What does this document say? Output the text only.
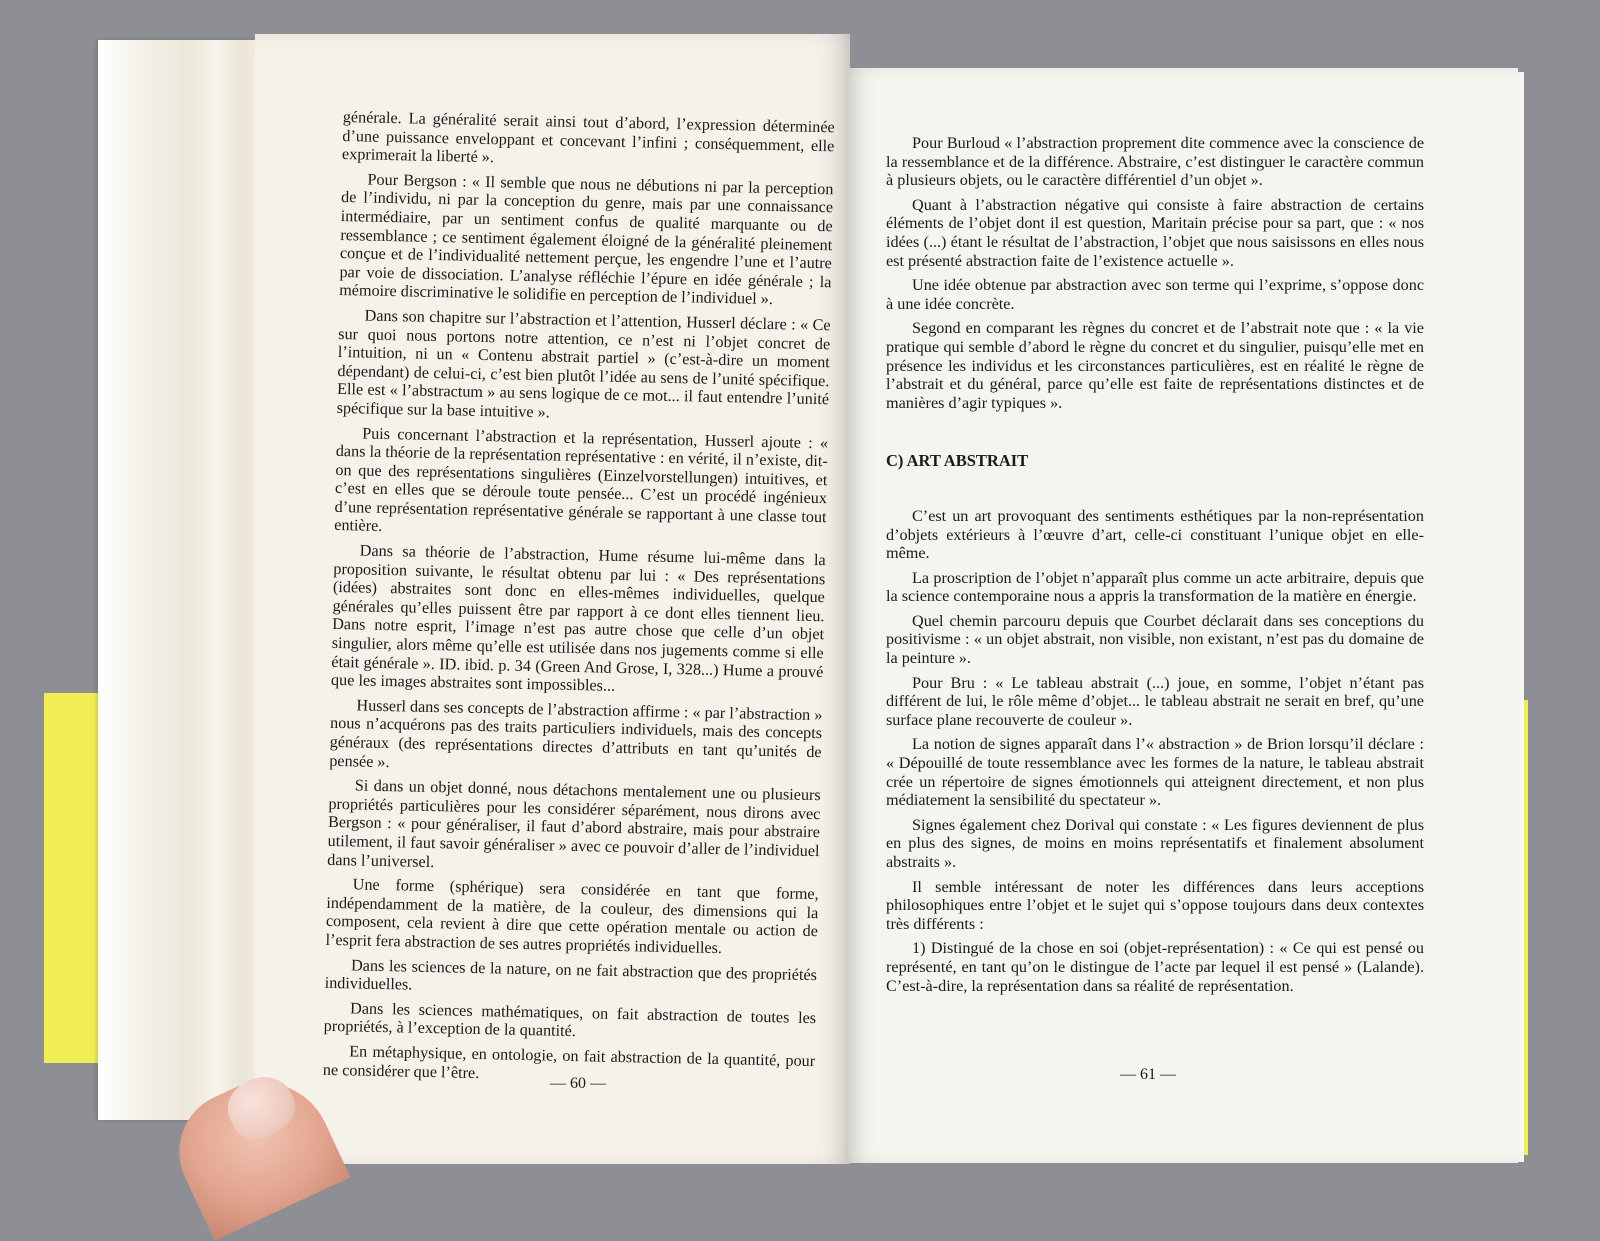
générale. La généralité serait ainsi tout d’abord, l’expression déterminée d’une puissance enveloppant et concevant l’infini ; conséquemment, elle exprimerait la liberté ».

Pour Bergson : « Il semble que nous ne débutions ni par la perception de l’individu, ni par la conception du genre, mais par une connaissance intermédiaire, par un sentiment confus de qualité marquante ou de ressemblance ; ce sentiment également éloigné de la généralité pleinement conçue et de l’individualité nettement perçue, les engendre l’une et l’autre par voie de dissociation. L’analyse réfléchie l’épure en idée générale ; la mémoire discriminative le solidifie en perception de l’individuel ».

Dans son chapitre sur l’abstraction et l’attention, Husserl déclare : « Ce sur quoi nous portons notre attention, ce n’est ni l’objet concret de l’intuition, ni un « Contenu abstrait partiel » (c’est-à-dire un moment dépendant) de celui-ci, c’est bien plutôt l’idée au sens de l’unité spécifique. Elle est « l’abstractum » au sens logique de ce mot... il faut entendre l’unité spécifique sur la base intuitive ».

Puis concernant l’abstraction et la représentation, Husserl ajoute : « dans la théorie de la représentation représentative : en vérité, il n’existe, dit-on que des représentations singulières (Einzelvorstellungen) intuitives, et c’est en elles que se déroule toute pensée... C’est un procédé ingénieux d’une représentation représentative générale se rapportant à une classe tout entière.

Dans sa théorie de l’abstraction, Hume résume lui-même dans la proposition suivante, le résultat obtenu par lui : « Des représentations (idées) abstraites sont donc en elles-mêmes individuelles, quelque générales qu’elles puissent être par rapport à ce dont elles tiennent lieu. Dans notre esprit, l’image n’est pas autre chose que celle d’un objet singulier, alors même qu’elle est utilisée dans nos jugements comme si elle était générale ». ID. ibid. p. 34 (Green And Grose, I, 328...) Hume a prouvé que les images abstraites sont impossibles...

Husserl dans ses concepts de l’abstraction affirme : « par l’abstraction » nous n’acquérons pas des traits particuliers individuels, mais des concepts généraux (des représentations directes d’attributs en tant qu’unités de pensée ».

Si dans un objet donné, nous détachons mentalement une ou plusieurs propriétés particulières pour les considérer séparément, nous dirons avec Bergson : « pour généraliser, il faut d’abord abstraire, mais pour abstraire utilement, il faut savoir généraliser » avec ce pouvoir d’aller de l’individuel dans l’universel.

Une forme (sphérique) sera considérée en tant que forme, indépendamment de la matière, de la couleur, des dimensions qui la composent, cela revient à dire que cette opération mentale ou action de l’esprit fera abstraction de ses autres propriétés individuelles.

Dans les sciences de la nature, on ne fait abstraction que des propriétés individuelles.

Dans les sciences mathématiques, on fait abstraction de toutes les propriétés, à l’exception de la quantité.

En métaphysique, en ontologie, on fait abstraction de la quantité, pour ne considérer que l’être.

— 60 —

Pour Burloud « l’abstraction proprement dite commence avec la conscience de la ressemblance et de la différence. Abstraire, c’est distinguer le caractère commun à plusieurs objets, ou le caractère différentiel d’un objet ».

Quant à l’abstraction négative qui consiste à faire abstraction de certains éléments de l’objet dont il est question, Maritain précise pour sa part, que : « nos idées (...) étant le résultat de l’abstraction, l’objet que nous saisissons en elles nous est présenté abstraction faite de l’existence actuelle ».

Une idée obtenue par abstraction avec son terme qui l’exprime, s’oppose donc à une idée concrète.

Segond en comparant les règnes du concret et de l’abstrait note que : « la vie pratique qui semble d’abord le règne du concret et du singulier, puisqu’elle met en présence les individus et les circonstances particulières, est en réalité le règne de l’abstrait et du général, parce qu’elle est faite de représentations distinctes et de manières d’agir typiques ».

C) ART ABSTRAIT

C’est un art provoquant des sentiments esthétiques par la non-représentation d’objets extérieurs à l’œuvre d’art, celle-ci constituant l’unique objet en elle-même.

La proscription de l’objet n’apparaît plus comme un acte arbitraire, depuis que la science contemporaine nous a appris la transformation de la matière en énergie.

Quel chemin parcouru depuis que Courbet déclarait dans ses conceptions du positivisme : « un objet abstrait, non visible, non existant, n’est pas du domaine de la peinture ».

Pour Bru : « Le tableau abstrait (...) joue, en somme, l’objet n’étant pas différent de lui, le rôle même d’objet... le tableau abstrait ne serait en bref, qu’une surface plane recouverte de couleur ».

La notion de signes apparaît dans l’« abstraction » de Brion lorsqu’il déclare : « Dépouillé de toute ressemblance avec les formes de la nature, le tableau abstrait crée un répertoire de signes émotionnels qui atteignent directement, et non plus médiatement la sensibilité du spectateur ».

Signes également chez Dorival qui constate : « Les figures deviennent de plus en plus des signes, de moins en moins représentatifs et finalement absolument abstraits ».

Il semble intéressant de noter les différences dans leurs acceptions philosophiques entre l’objet et le sujet qui s’oppose toujours dans deux contextes très différents :

1) Distingué de la chose en soi (objet-représentation) : « Ce qui est pensé ou représenté, en tant qu’on le distingue de l’acte par lequel il est pensé » (Lalande). C’est-à-dire, la représentation dans sa réalité de représentation.

— 61 —
